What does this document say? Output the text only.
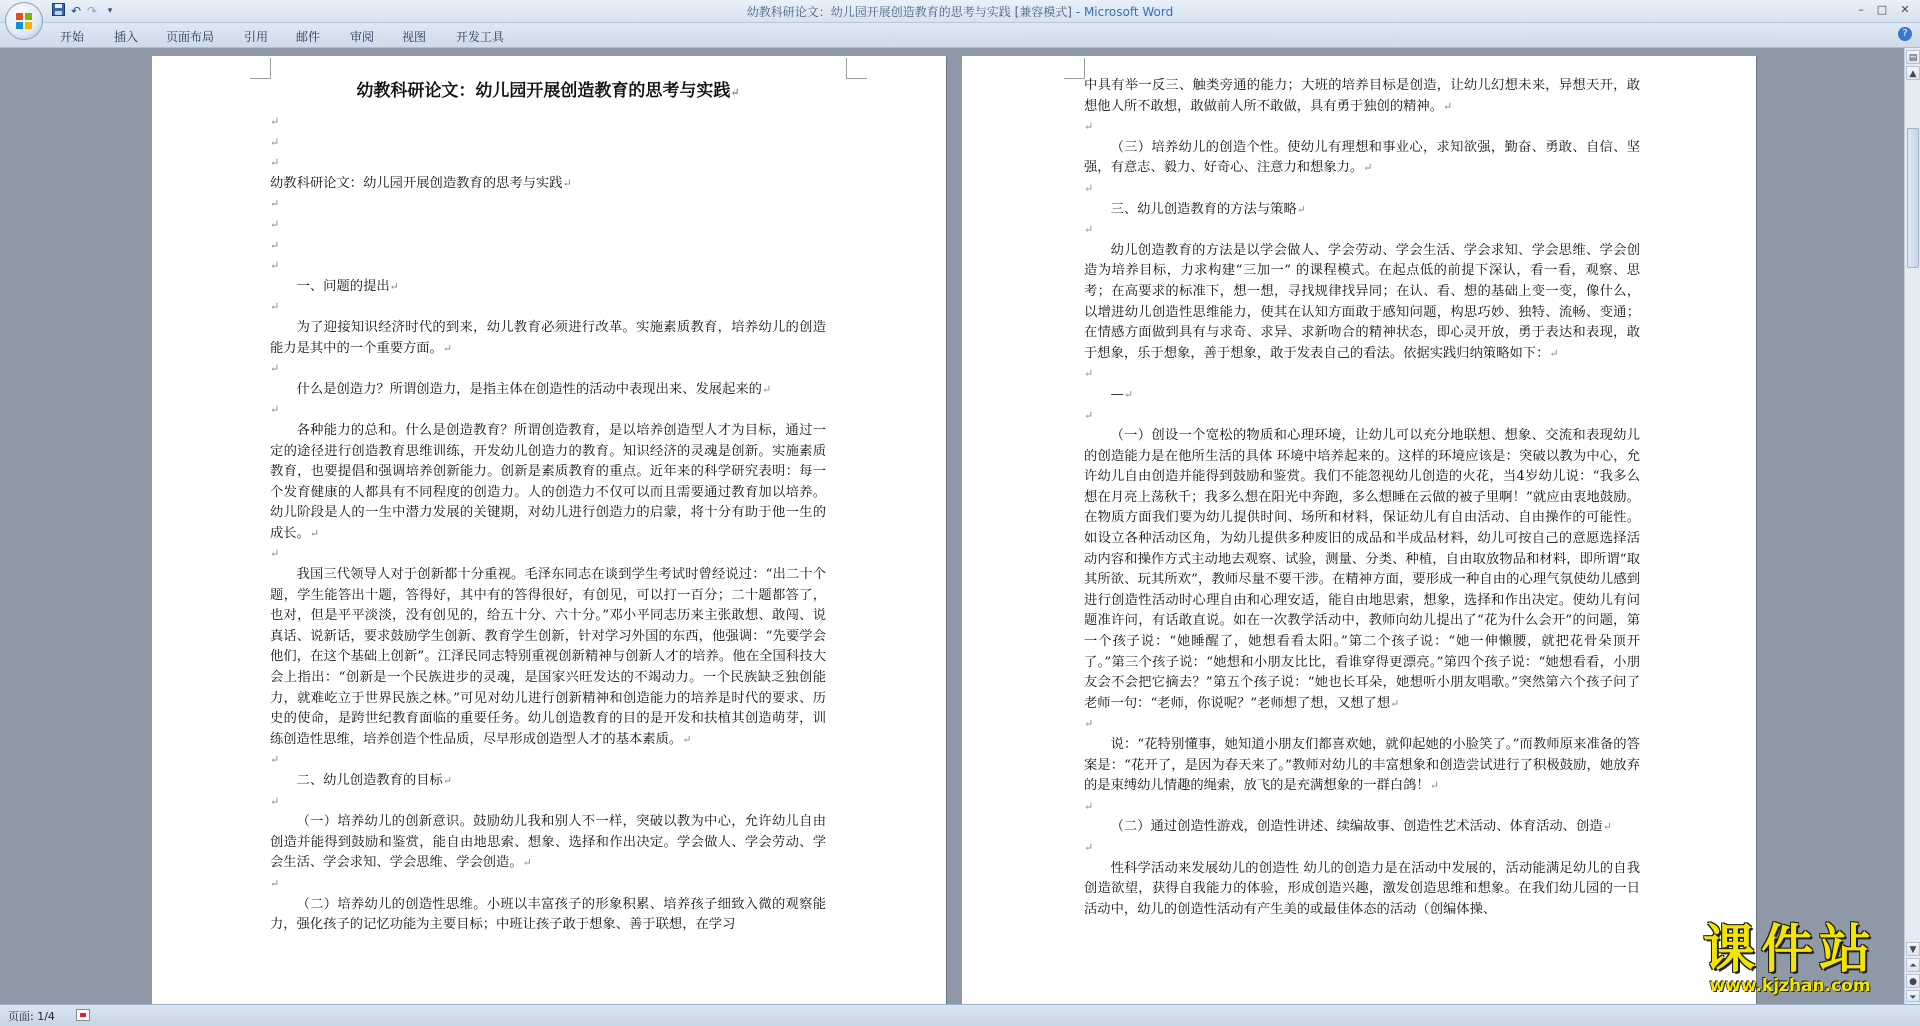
↶ ↷	▾	幼教科研论文：幼儿园开展创造教育的思考与实践 [兼容模式] - Microsoft Word	–	□	✕
开始 插入 页面布局 引用 邮件 审阅 视图 开发工具	?
幼教科研论文：幼儿园开展创造教育的思考与实践↵

↵

↵

↵

幼教科研论文：幼儿园开展创造教育的思考与实践↵

↵

↵

↵

↵

一、问题的提出↵

↵

为了迎接知识经济时代的到来，幼儿教育必须进行改革。实施素质教育，培养幼儿的创造能力是其中的一个重要方面。↵

↵

什么是创造力？所谓创造力，是指主体在创造性的活动中表现出来、发展起来的↵

↵

各种能力的总和。什么是创造教育？所谓创造教育，是以培养创造型人才为目标，通过一定的途径进行创造教育思维训练，开发幼儿创造力的教育。知识经济的灵魂是创新。实施素质教育，也要提倡和强调培养创新能力。创新是素质教育的重点。近年来的科学研究表明：每一个发育健康的人都具有不同程度的创造力。人的创造力不仅可以而且需要通过教育加以培养。幼儿阶段是人的一生中潜力发展的关键期，对幼儿进行创造力的启蒙，将十分有助于他一生的成长。↵

↵

我国三代领导人对于创新都十分重视。毛泽东同志在谈到学生考试时曾经说过：“出二十个题，学生能答出十题，答得好，其中有的答得很好，有创见，可以打一百分；二十题都答了，也对，但是平平淡淡，没有创见的，给五十分、六十分。”邓小平同志历来主张敢想、敢闯、说真话、说新话，要求鼓励学生创新、教育学生创新，针对学习外国的东西，他强调：“先要学会他们，在这个基础上创新”。江泽民同志特别重视创新精神与创新人才的培养。他在全国科技大会上指出：“创新是一个民族进步的灵魂，是国家兴旺发达的不竭动力。一个民族缺乏独创能力，就难屹立于世界民族之林。”可见对幼儿进行创新精神和创造能力的培养是时代的要求、历史的使命，是跨世纪教育面临的重要任务。幼儿创造教育的目的是开发和扶植其创造萌芽，训练创造性思维，培养创造个性品质，尽早形成创造型人才的基本素质。↵

↵

二、幼儿创造教育的目标↵

↵

（一）培养幼儿的创新意识。鼓励幼儿我和别人不一样，突破以教为中心，允许幼儿自由创造并能得到鼓励和鉴赏，能自由地思索、想象、选择和作出决定。学会做人、学会劳动、学会生活、学会求知、学会思维、学会创造。↵

↵

（二）培养幼儿的创造性思维。小班以丰富孩子的形象积累、培养孩子细致入微的观察能力，强化孩子的记忆功能为主要目标；中班让孩子敢于想象、善于联想，在学习

中具有举一反三、触类旁通的能力；大班的培养目标是创造，让幼儿幻想未来，异想天开，敢想他人所不敢想，敢做前人所不敢做，具有勇于独创的精神。↵

↵

（三）培养幼儿的创造个性。使幼儿有理想和事业心，求知欲强，勤奋、勇敢、自信、坚强，有意志、毅力、好奇心、注意力和想象力。↵

↵

三、幼儿创造教育的方法与策略↵

↵

幼儿创造教育的方法是以学会做人、学会劳动、学会生活、学会求知、学会思维、学会创造为培养目标，力求构建“三加一” 的课程模式。在起点低的前提下深认，看一看，观察、思考；在高要求的标准下，想一想，寻找规律找异同；在认、看、想的基础上变一变，像什么，以增进幼儿创造性思维能力，使其在认知方面敢于感知问题，构思巧妙、独特、流畅、变通；在情感方面做到具有与求奇、求异、求新吻合的精神状态，即心灵开放，勇于表达和表现，敢于想象，乐于想象，善于想象，敢于发表自己的看法。依据实践归纳策略如下：↵

↵

—↵

↵

（一）创设一个宽松的物质和心理环境，让幼儿可以充分地联想、想象、交流和表现幼儿的创造能力是在他所生活的具体 环境中培养起来的。这样的环境应该是：突破以教为中心，允许幼儿自由创造并能得到鼓励和鉴赏。我们不能忽视幼儿创造的火花，当4岁幼儿说：“我多么想在月亮上荡秋千；我多么想在阳光中奔跑，多么想睡在云做的被子里啊！”就应由衷地鼓励。在物质方面我们要为幼儿提供时间、场所和材料，保证幼儿有自由活动、自由操作的可能性。如设立各种活动区角，为幼儿提供多种废旧的成品和半成品材料，幼儿可按自己的意愿选择活动内容和操作方式主动地去观察、试验，测量、分类、种植，自由取放物品和材料，即所谓“取其所欲、玩其所欢”，教师尽量不要干涉。在精神方面，要形成一种自由的心理气氛使幼儿感到进行创造性活动时心理自由和心理安适，能自由地思索，想象，选择和作出决定。使幼儿有问题准许问，有话敢直说。如在一次教学活动中，教师向幼儿提出了“花为什么会开”的问题，第一个孩子说：“她睡醒了，她想看看太阳。”第二个孩子说：“她一伸懒腰，就把花骨朵顶开了。”第三个孩子说：“她想和小朋友比比，看谁穿得更漂亮。”第四个孩子说：“她想看看，小朋友会不会把它摘去？”第五个孩子说：“她也长耳朵，她想听小朋友唱歌。”突然第六个孩子问了老师一句：“老师，你说呢？”老师想了想，又想了想↵

↵

说：“花特别懂事，她知道小朋友们都喜欢她，就仰起她的小脸笑了。”而教师原来准备的答案是：“花开了，是因为春天来了。”教师对幼儿的丰富想象和创造尝试进行了积极鼓励，她放弃的是束缚幼儿情趣的绳索，放飞的是充满想象的一群白鸽！↵

↵

（二）通过创造性游戏，创造性讲述、续编故事、创造性艺术活动、体育活动、创造↵

↵

性科学活动来发展幼儿的创造性 幼儿的创造力是在活动中发展的，活动能满足幼儿的自我创造欲望，获得自我能力的体验，形成创造兴趣，激发创造思维和想象。在我们幼儿园的一日活动中，幼儿的创造性活动有产生美的或最佳体态的活动（创编体操、

▤
▲
▼
⏶
●
⏷
课件站
www.kjzhan.com
页面: 1/4
